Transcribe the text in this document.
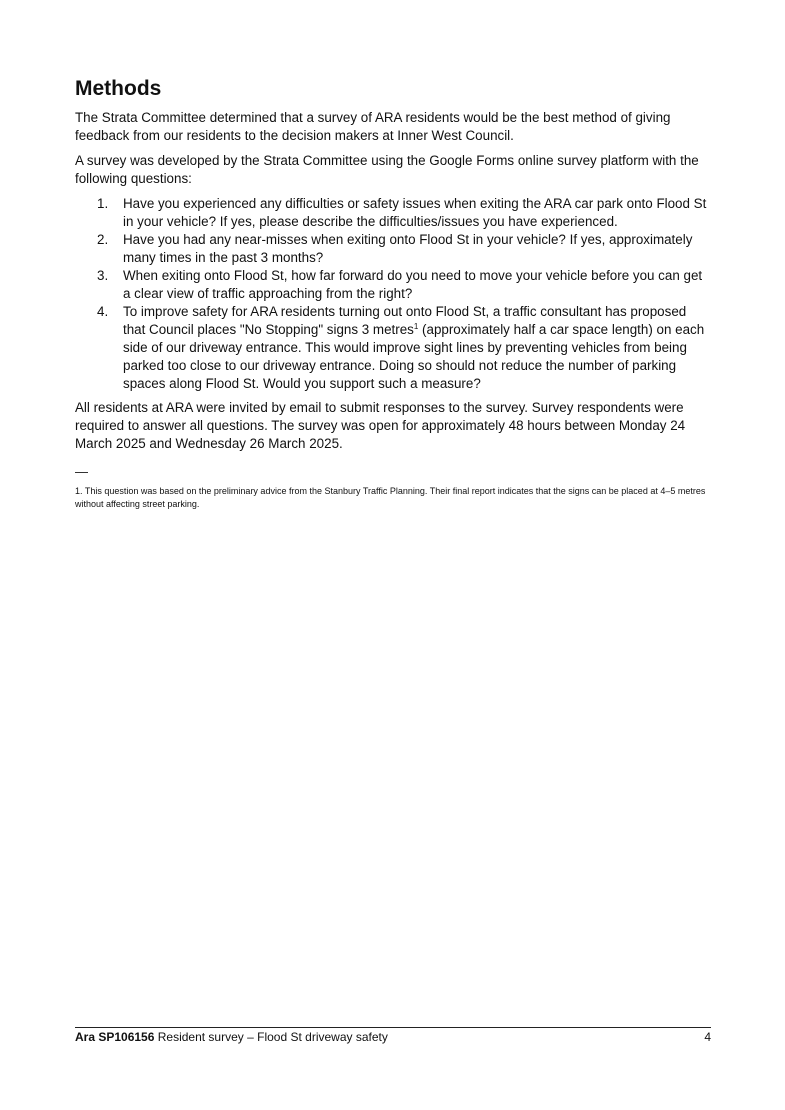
Methods

The Strata Committee determined that a survey of ARA residents would be the best method of giving feedback from our residents to the decision makers at Inner West Council.

A survey was developed by the Strata Committee using the Google Forms online survey platform with the following questions:

1. Have you experienced any difficulties or safety issues when exiting the ARA car park onto Flood St in your vehicle? If yes, please describe the difficulties/issues you have experienced.
2. Have you had any near-misses when exiting onto Flood St in your vehicle? If yes, approximately many times in the past 3 months?
3. When exiting onto Flood St, how far forward do you need to move your vehicle before you can get a clear view of traffic approaching from the right?
4. To improve safety for ARA residents turning out onto Flood St, a traffic consultant has proposed that Council places "No Stopping" signs 3 metres$^1$ (approximately half a car space length) on each side of our driveway entrance. This would improve sight lines by preventing vehicles from being parked too close to our driveway entrance. Doing so should not reduce the number of parking spaces along Flood St. Would you support such a measure?

All residents at ARA were invited by email to submit responses to the survey. Survey respondents were required to answer all questions. The survey was open for approximately 48 hours between Monday 24 March 2025 and Wednesday 26 March 2025.

1. This question was based on the preliminary advice from the Stanbury Traffic Planning. Their final report indicates that the signs can be placed at 4–5 metres without affecting street parking.

Ara SP106156 Resident survey – Flood St driveway safety	4
